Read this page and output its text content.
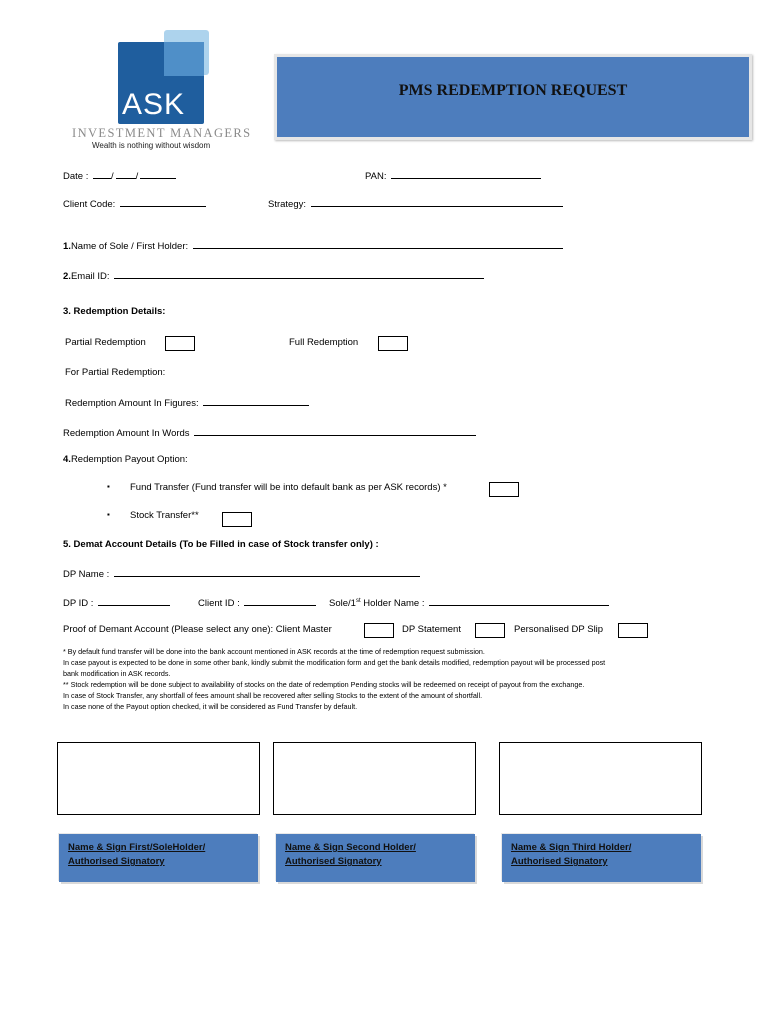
ASK
INVESTMENT MANAGERS
Wealth is nothing without wisdom
PMS REDEMPTION REQUEST
Date : / /	PAN:
Client Code:	Strategy:
1.Name of Sole / First Holder:
2.Email ID:
3. Redemption Details:
Partial Redemption	Full Redemption
For Partial Redemption:
Redemption Amount In Figures:
Redemption Amount In Words
4.Redemption Payout Option:
▪ Fund Transfer (Fund transfer will be into default bank as per ASK records) *
▪ Stock Transfer**
5. Demat Account Details (To be Filled in case of Stock transfer only) :
DP Name :
DP ID :	Client ID :	Sole/1st Holder Name :
Proof of Demant Account (Please select any one): Client Master	DP Statement	Personalised DP Slip
* By default fund transfer will be done into the bank account mentioned in ASK records at the time of redemption request submission.
In case payout is expected to be done in some other bank, kindly submit the modification form and get the bank details modified, redemption payout will be processed post
bank modification in ASK records.
** Stock redemption will be done subject to availability of stocks on the date of redemption Pending stocks will be redeemed on receipt of payout from the exchange.
In case of Stock Transfer, any shortfall of fees amount shall be recovered after selling Stocks to the extent of the amount of shortfall.
In case none of the Payout option checked, it will be considered as Fund Transfer by default.
Name & Sign First/SoleHolder/
Authorised Signatory
Name & Sign Second Holder/
Authorised Signatory
Name & Sign Third Holder/
Authorised Signatory
